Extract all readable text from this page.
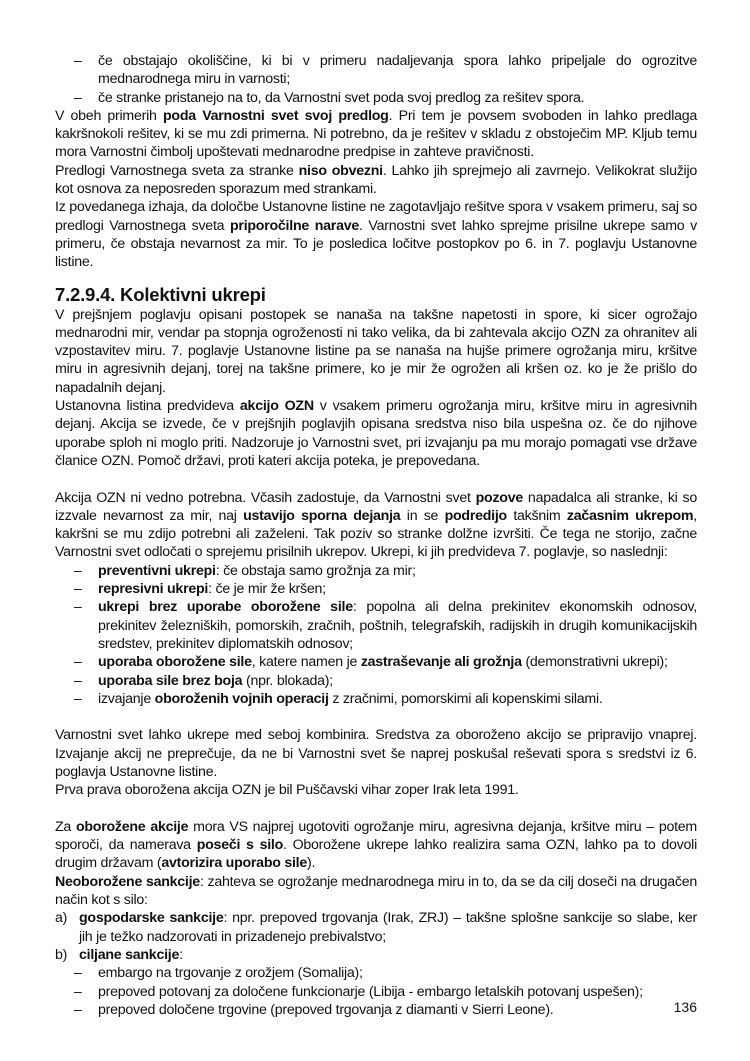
– če obstajajo okoliščine, ki bi v primeru nadaljevanja spora lahko pripeljale do ogrozitve mednarodnega miru in varnosti;
– če stranke pristanejo na to, da Varnostni svet poda svoj predlog za rešitev spora.

V obeh primerih poda Varnostni svet svoj predlog. Pri tem je povsem svoboden in lahko predlaga kakršnokoli rešitev, ki se mu zdi primerna. Ni potrebno, da je rešitev v skladu z obstoječim MP. Kljub temu mora Varnostni čimbolj upoštevati mednarodne predpise in zahteve pravičnosti.

Predlogi Varnostnega sveta za stranke niso obvezni. Lahko jih sprejmejo ali zavrnejo. Velikokrat služijo kot osnova za neposreden sporazum med strankami.

Iz povedanega izhaja, da določbe Ustanovne listine ne zagotavljajo rešitve spora v vsakem primeru, saj so predlogi Varnostnega sveta priporočilne narave. Varnostni svet lahko sprejme prisilne ukrepe samo v primeru, če obstaja nevarnost za mir. To je posledica ločitve postopkov po 6. in 7. poglavju Ustanovne listine.

7.2.9.4. Kolektivni ukrepi

V prejšnjem poglavju opisani postopek se nanaša na takšne napetosti in spore, ki sicer ogrožajo mednarodni mir, vendar pa stopnja ogroženosti ni tako velika, da bi zahtevala akcijo OZN za ohranitev ali vzpostavitev miru. 7. poglavje Ustanovne listine pa se nanaša na hujše primere ogrožanja miru, kršitve miru in agresivnih dejanj, torej na takšne primere, ko je mir že ogrožen ali kršen oz. ko je že prišlo do napadalnih dejanj.

Ustanovna listina predvideva akcijo OZN v vsakem primeru ogrožanja miru, kršitve miru in agresivnih dejanj. Akcija se izvede, če v prejšnjih poglavjih opisana sredstva niso bila uspešna oz. če do njihove uporabe sploh ni moglo priti. Nadzoruje jo Varnostni svet, pri izvajanju pa mu morajo pomagati vse države članice OZN. Pomoč državi, proti kateri akcija poteka, je prepovedana.

Akcija OZN ni vedno potrebna. Včasih zadostuje, da Varnostni svet pozove napadalca ali stranke, ki so izzvale nevarnost za mir, naj ustavijo sporna dejanja in se podredijo takšnim začasnim ukrepom, kakršni se mu zdijo potrebni ali zaželeni. Tak poziv so stranke dolžne izvršiti. Če tega ne storijo, začne Varnostni svet odločati o sprejemu prisilnih ukrepov. Ukrepi, ki jih predvideva 7. poglavje, so naslednji:

– preventivni ukrepi: če obstaja samo grožnja za mir;
– represivni ukrepi: če je mir že kršen;
– ukrepi brez uporabe oborožene sile: popolna ali delna prekinitev ekonomskih odnosov, prekinitev železniških, pomorskih, zračnih, poštnih, telegrafskih, radijskih in drugih komunikacijskih sredstev, prekinitev diplomatskih odnosov;
– uporaba oborožene sile, katere namen je zastraševanje ali grožnja (demonstrativni ukrepi);
– uporaba sile brez boja (npr. blokada);
– izvajanje oboroženih vojnih operacij z zračnimi, pomorskimi ali kopenskimi silami.

Varnostni svet lahko ukrepe med seboj kombinira. Sredstva za oboroženo akcijo se pripravijo vnaprej. Izvajanje akcij ne preprečuje, da ne bi Varnostni svet še naprej poskušal reševati spora s sredstvi iz 6. poglavja Ustanovne listine.

Prva prava oborožena akcija OZN je bil Puščavski vihar zoper Irak leta 1991.

Za oborožene akcije mora VS najprej ugotoviti ogrožanje miru, agresivna dejanja, kršitve miru – potem sporoči, da namerava poseči s silo. Oborožene ukrepe lahko realizira sama OZN, lahko pa to dovoli drugim državam (avtorizira uporabo sile).

Neoborožene sankcije: zahteva se ogrožanje mednarodnega miru in to, da se da cilj doseči na drugačen način kot s silo:

a) gospodarske sankcije: npr. prepoved trgovanja (Irak, ZRJ) – takšne splošne sankcije so slabe, ker jih je težko nadzorovati in prizadenejo prebivalstvo;
b) ciljane sankcije:
– embargo na trgovanje z orožjem (Somalija);
– prepoved potovanj za določene funkcionarje (Libija - embargo letalskih potovanj uspešen);
– prepoved določene trgovine (prepoved trgovanja z diamanti v Sierri Leone).	136
